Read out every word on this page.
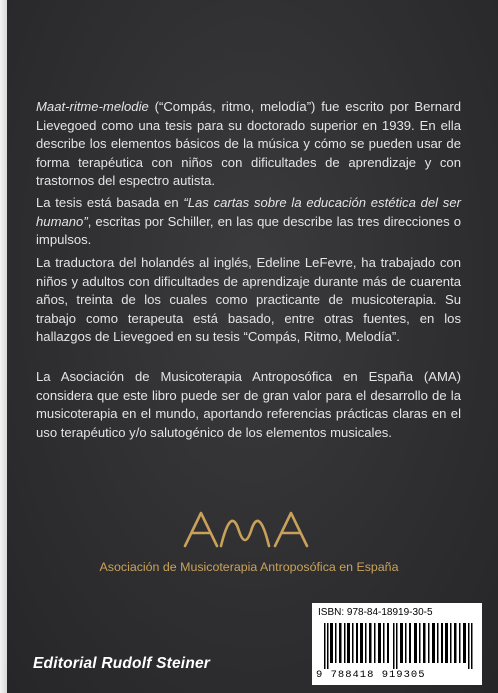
Maat-ritme-melodie (“Compás, ritmo, melodía”) fue escrito por Bernard Lievegoed como una tesis para su doctorado superior en 1939. En ella describe los elementos básicos de la música y cómo se pueden usar de forma terapéutica con niños con dificultades de aprendizaje y con trastornos del espectro autista.

La tesis está basada en “Las cartas sobre la educación estética del ser humano”, escritas por Schiller, en las que describe las tres direcciones o impulsos.

La traductora del holandés al inglés, Edeline LeFevre, ha trabajado con niños y adultos con dificultades de aprendizaje durante más de cuarenta años, treinta de los cuales como practicante de musicoterapia. Su trabajo como terapeuta está basado, entre otras fuentes, en los hallazgos de Lievegoed en su tesis “Compás, Ritmo, Melodía”.

La Asociación de Musicoterapia Antroposófica en España (AMA) considera que este libro puede ser de gran valor para el desarrollo de la musicoterapia en el mundo, aportando referencias prácticas claras en el uso terapéutico y/o salutogénico de los elementos musicales.

Asociación de Musicoterapia Antroposófica en España
ISBN: 978-84-18919-30-5
9 788418 919305
Editorial Rudolf Steiner
